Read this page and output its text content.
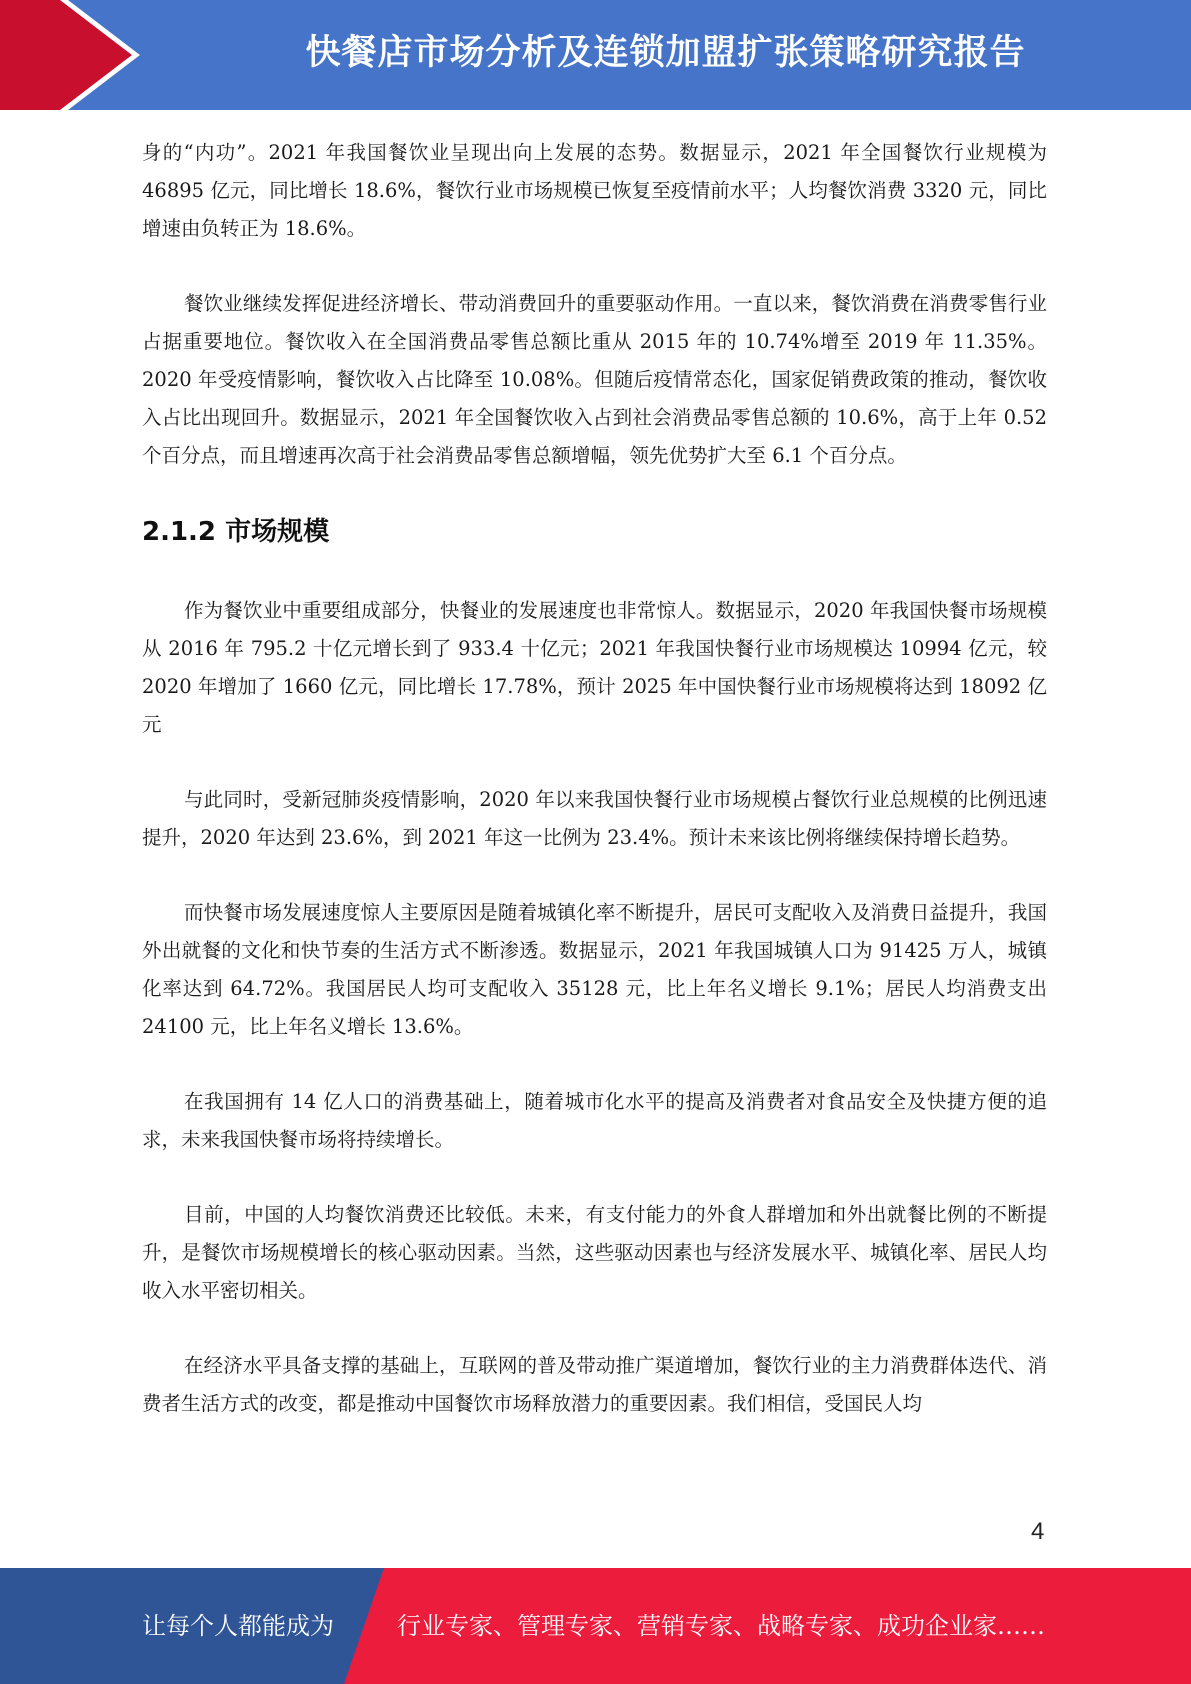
快餐店市场分析及连锁加盟扩张策略研究报告

身的“内功”。2021 年我国餐饮业呈现出向上发展的态势。数据显示，2021 年全国餐饮行业规模为 46895 亿元，同比增长 18.6%，餐饮行业市场规模已恢复至疫情前水平；人均餐饮消费 3320 元，同比增速由负转正为 18.6%。

餐饮业继续发挥促进经济增长、带动消费回升的重要驱动作用。一直以来，餐饮消费在消费零售行业占据重要地位。餐饮收入在全国消费品零售总额比重从 2015 年的 10.74%增至 2019 年 11.35%。2020 年受疫情影响，餐饮收入占比降至 10.08%。但随后疫情常态化，国家促销费政策的推动，餐饮收入占比出现回升。数据显示，2021 年全国餐饮收入占到社会消费品零售总额的 10.6%，高于上年 0.52 个百分点，而且增速再次高于社会消费品零售总额增幅，领先优势扩大至 6.1 个百分点。

2.1.2 市场规模

作为餐饮业中重要组成部分，快餐业的发展速度也非常惊人。数据显示，2020 年我国快餐市场规模从 2016 年 795.2 十亿元增长到了 933.4 十亿元；2021 年我国快餐行业市场规模达 10994 亿元，较 2020 年增加了 1660 亿元，同比增长 17.78%，预计 2025 年中国快餐行业市场规模将达到 18092 亿元

与此同时，受新冠肺炎疫情影响，2020 年以来我国快餐行业市场规模占餐饮行业总规模的比例迅速提升，2020 年达到 23.6%，到 2021 年这一比例为 23.4%。预计未来该比例将继续保持增长趋势。

而快餐市场发展速度惊人主要原因是随着城镇化率不断提升，居民可支配收入及消费日益提升，我国外出就餐的文化和快节奏的生活方式不断渗透。数据显示，2021 年我国城镇人口为 91425 万人，城镇化率达到 64.72%。我国居民人均可支配收入 35128 元，比上年名义增长 9.1%；居民人均消费支出 24100 元，比上年名义增长 13.6%。

在我国拥有 14 亿人口的消费基础上，随着城市化水平的提高及消费者对食品安全及快捷方便的追求，未来我国快餐市场将持续增长。

目前，中国的人均餐饮消费还比较低。未来，有支付能力的外食人群增加和外出就餐比例的不断提升，是餐饮市场规模增长的核心驱动因素。当然，这些驱动因素也与经济发展水平、城镇化率、居民人均收入水平密切相关。

在经济水平具备支撑的基础上，互联网的普及带动推广渠道增加，餐饮行业的主力消费群体迭代、消费者生活方式的改变，都是推动中国餐饮市场释放潜力的重要因素。我们相信，受国民人均

4
让每个人都能成为	行业专家、管理专家、营销专家、战略专家、成功企业家……
